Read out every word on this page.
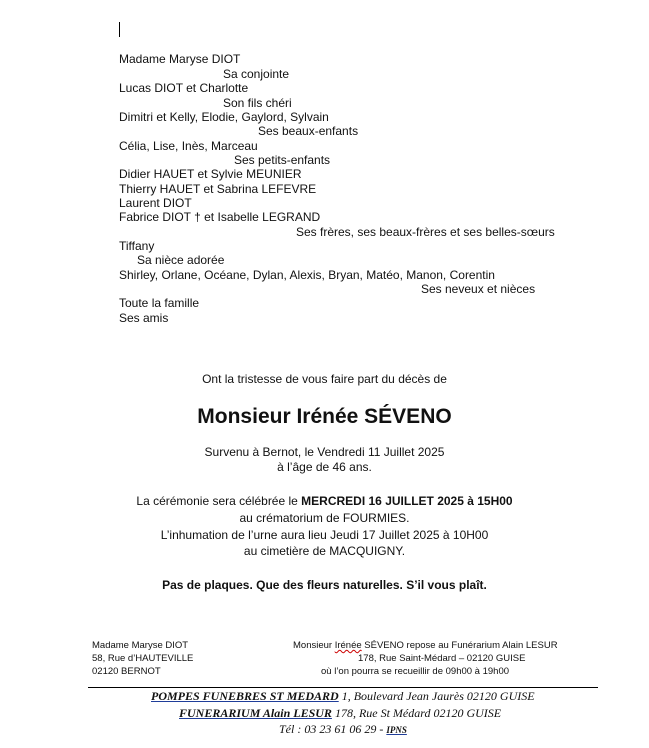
Madame Maryse DIOT
Sa conjointe
Lucas DIOT et Charlotte
Son fils chéri
Dimitri et Kelly, Elodie, Gaylord, Sylvain
Ses beaux-enfants
Célia, Lise, Inès, Marceau
Ses petits-enfants
Didier HAUET et Sylvie MEUNIER
Thierry HAUET et Sabrina LEFEVRE
Laurent DIOT
Fabrice DIOT † et Isabelle LEGRAND
Ses frères, ses beaux-frères et ses belles-sœurs
Tiffany
Sa nièce adorée
Shirley, Orlane, Océane, Dylan, Alexis, Bryan, Matéo, Manon, Corentin
Ses neveux et nièces
Toute la famille
Ses amis
Ont la tristesse de vous faire part du décès de
Monsieur Irénée SÉVENO
Survenu à Bernot, le Vendredi 11 Juillet 2025
à l’âge de 46 ans.
La cérémonie sera célébrée le MERCREDI 16 JUILLET 2025 à 15H00
au crématorium de FOURMIES.
L’inhumation de l’urne aura lieu Jeudi 17 Juillet 2025 à 10H00
au cimetière de MACQUIGNY.
Pas de plaques. Que des fleurs naturelles. S’il vous plaît.
Madame Maryse DIOT
58, Rue d’HAUTEVILLE
02120 BERNOT
Monsieur Irénée SÉVENO repose au Funérarium Alain LESUR
178, Rue Saint-Médard – 02120 GUISE
où l’on pourra se recueillir de 09h00 à 19h00
POMPES FUNEBRES ST MEDARD 1, Boulevard Jean Jaurès 02120 GUISE
FUNERARIUM Alain LESUR 178, Rue St Médard 02120 GUISE
Tél : 03 23 61 06 29 - IPNS
